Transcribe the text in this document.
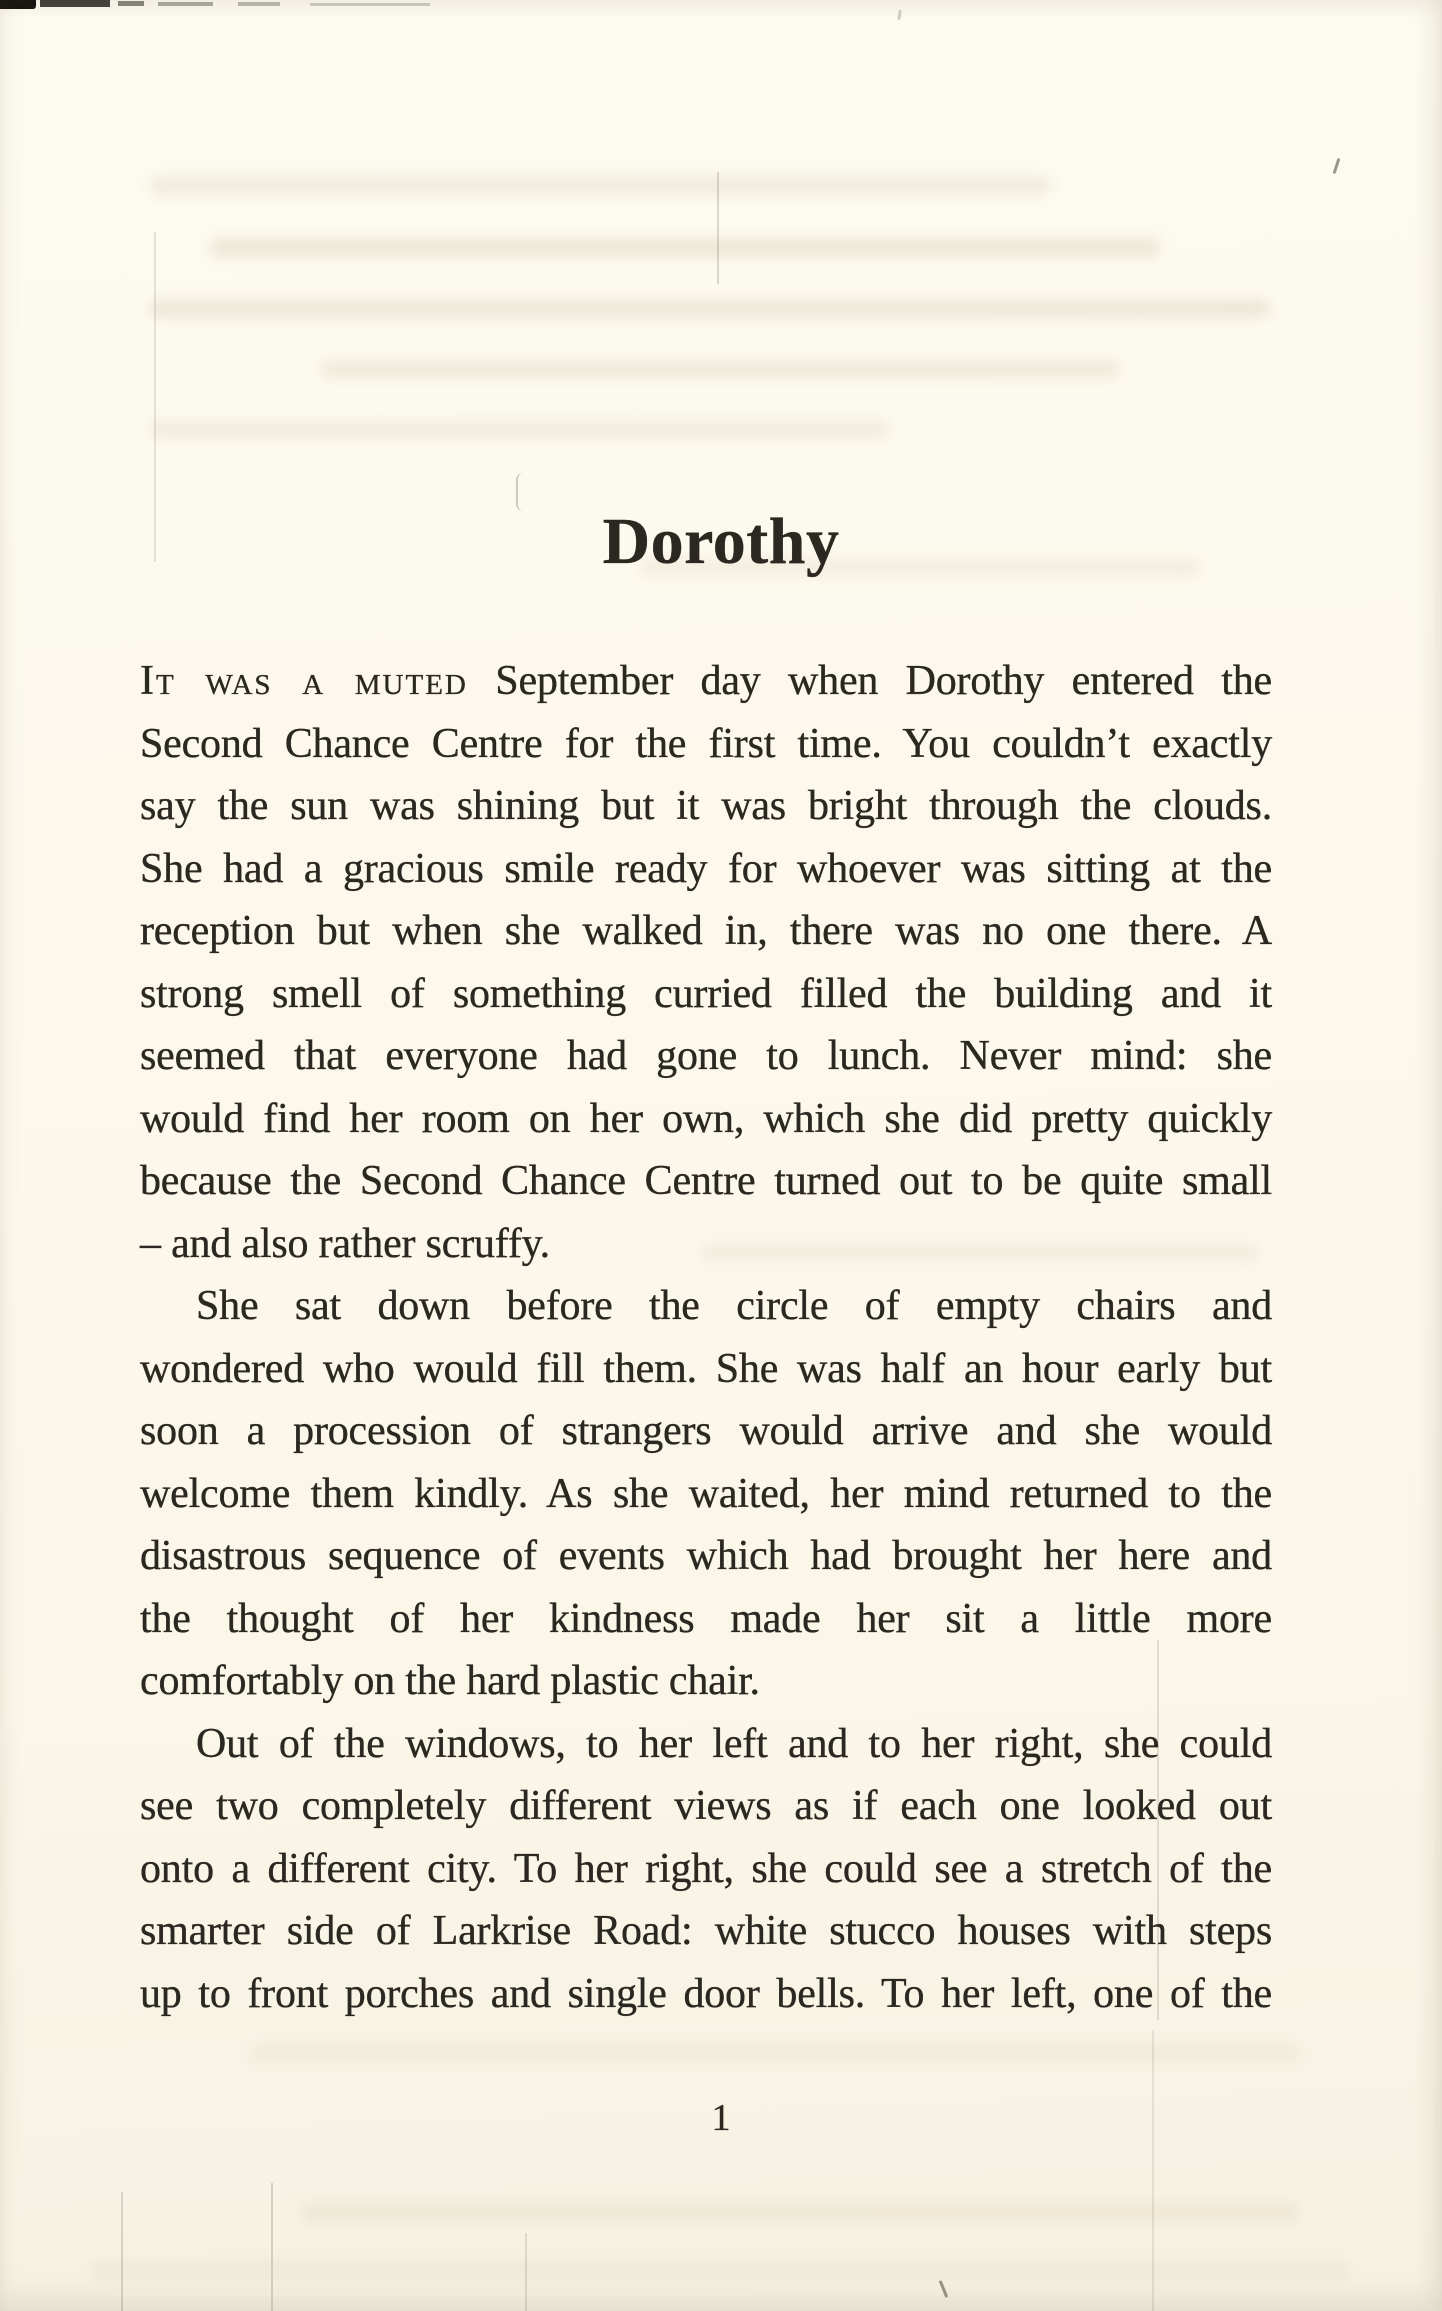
Dorothy
It was a muted September day when Dorothy entered the
Second Chance Centre for the first time. You couldn’t exactly
say the sun was shining but it was bright through the clouds.
She had a gracious smile ready for whoever was sitting at the
reception but when she walked in, there was no one there. A
strong smell of something curried filled the building and it
seemed that everyone had gone to lunch. Never mind: she
would find her room on her own, which she did pretty quickly
because the Second Chance Centre turned out to be quite small
– and also rather scruffy.
She sat down before the circle of empty chairs and
wondered who would fill them. She was half an hour early but
soon a procession of strangers would arrive and she would
welcome them kindly. As she waited, her mind returned to the
disastrous sequence of events which had brought her here and
the thought of her kindness made her sit a little more
comfortably on the hard plastic chair.
Out of the windows, to her left and to her right, she could
see two completely different views as if each one looked out
onto a different city. To her right, she could see a stretch of the
smarter side of Larkrise Road: white stucco houses with steps
up to front porches and single door bells. To her left, one of the
1
